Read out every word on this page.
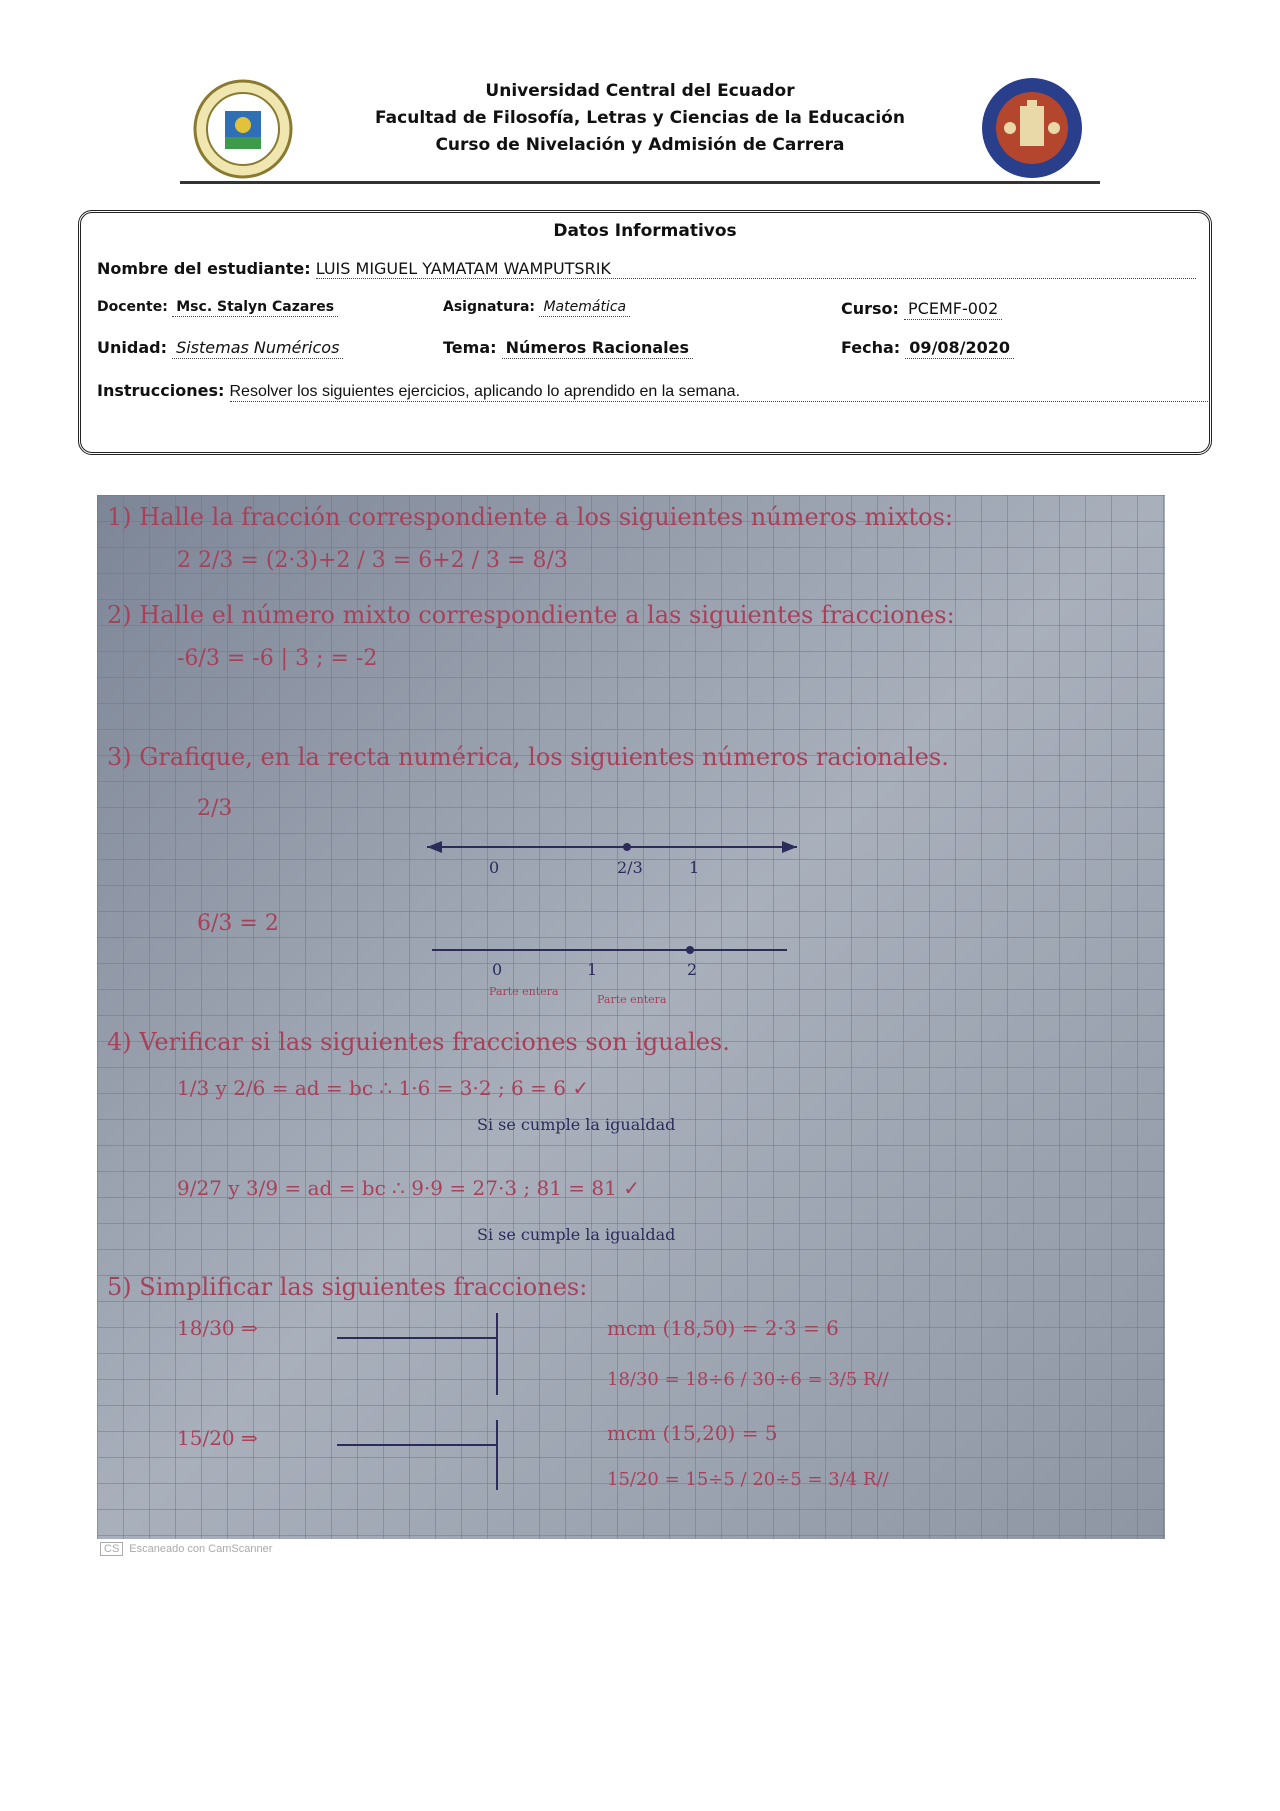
Universidad Central del Ecuador
Facultad de Filosofía, Letras y Ciencias de la Educación
Curso de Nivelación y Admisión de Carrera
Datos Informativos
Nombre del estudiante: LUIS MIGUEL YAMATAM WAMPUTSRIK
Docente: Msc. Stalyn Cazares	Asignatura: Matemática	Curso: PCEMF-002
Unidad: Sistemas Numéricos	Tema: Números Racionales	Fecha: 09/08/2020
Instrucciones: Resolver los siguientes ejercicios, aplicando lo aprendido en la semana.
1) Halle la fracción correspondiente a los siguientes números mixtos:
2 2/3 = (2·3)+2 / 3 = 6+2 / 3 = 8/3
2) Halle el número mixto correspondiente a las siguientes fracciones:
-6/3 = -6 | 3 ; = -2
3) Grafique, en la recta numérica, los siguientes números racionales.
2/3
0	2/3	1
6/3 = 2
0	1	2
Parte entera
Parte entera
4) Verificar si las siguientes fracciones son iguales.
1/3 y 2/6 = ad = bc ∴ 1·6 = 3·2 ; 6 = 6 ✓
Si se cumple la igualdad
9/27 y 3/9 = ad = bc ∴ 9·9 = 27·3 ; 81 = 81 ✓
Si se cumple la igualdad
5) Simplificar las siguientes fracciones:
18/30 ⇒	mcm (18,50) = 2·3 = 6
18/30 = 18÷6 / 30÷6 = 3/5 R//
15/20 ⇒	mcm (15,20) = 5
15/20 = 15÷5 / 20÷5 = 3/4 R//
CS Escaneado con CamScanner
